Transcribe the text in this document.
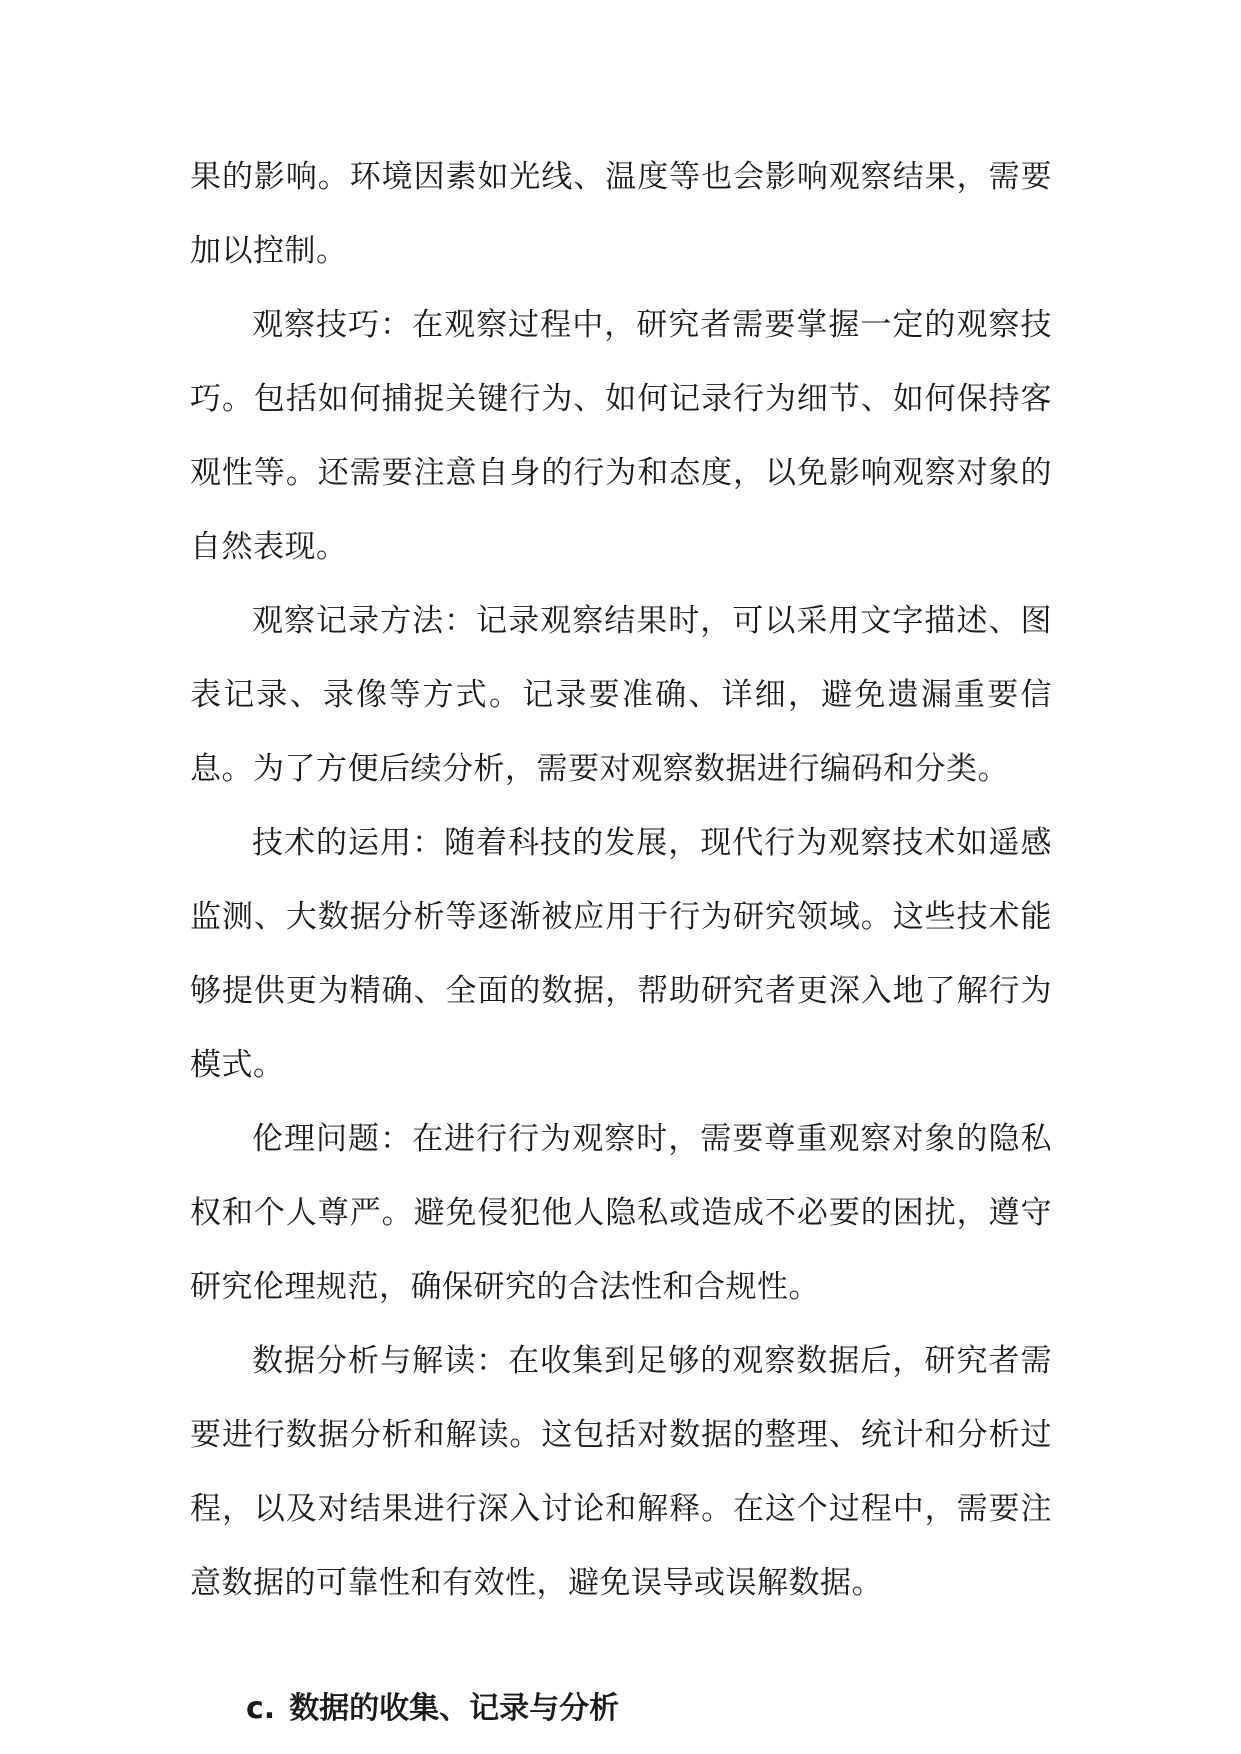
果的影响。环境因素如光线、温度等也会影响观察结果，需要加以控制。

观察技巧：在观察过程中，研究者需要掌握一定的观察技巧。包括如何捕捉关键行为、如何记录行为细节、如何保持客观性等。还需要注意自身的行为和态度，以免影响观察对象的自然表现。

观察记录方法：记录观察结果时，可以采用文字描述、图表记录、录像等方式。记录要准确、详细，避免遗漏重要信息。为了方便后续分析，需要对观察数据进行编码和分类。

技术的运用：随着科技的发展，现代行为观察技术如遥感监测、大数据分析等逐渐被应用于行为研究领域。这些技术能够提供更为精确、全面的数据，帮助研究者更深入地了解行为模式。

伦理问题：在进行行为观察时，需要尊重观察对象的隐私权和个人尊严。避免侵犯他人隐私或造成不必要的困扰，遵守研究伦理规范，确保研究的合法性和合规性。

数据分析与解读：在收集到足够的观察数据后，研究者需要进行数据分析和解读。这包括对数据的整理、统计和分析过程，以及对结果进行深入讨论和解释。在这个过程中，需要注意数据的可靠性和有效性，避免误导或误解数据。

c. 数据的收集、记录与分析
